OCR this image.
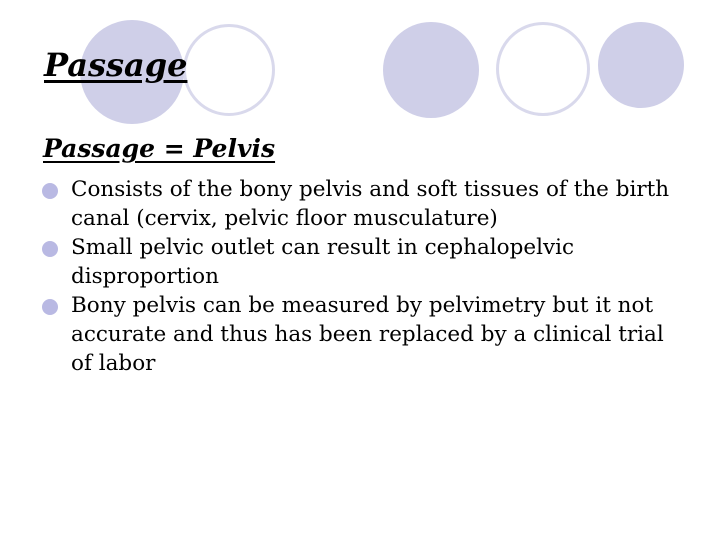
Passage
Passage = Pelvis
Consists of the bony pelvis and soft tissues of the birth canal (cervix, pelvic floor musculature)
Small pelvic outlet can result in cephalopelvic disproportion
Bony pelvis can be measured by pelvimetry but it not accurate and thus has been replaced by a clinical trial of labor
